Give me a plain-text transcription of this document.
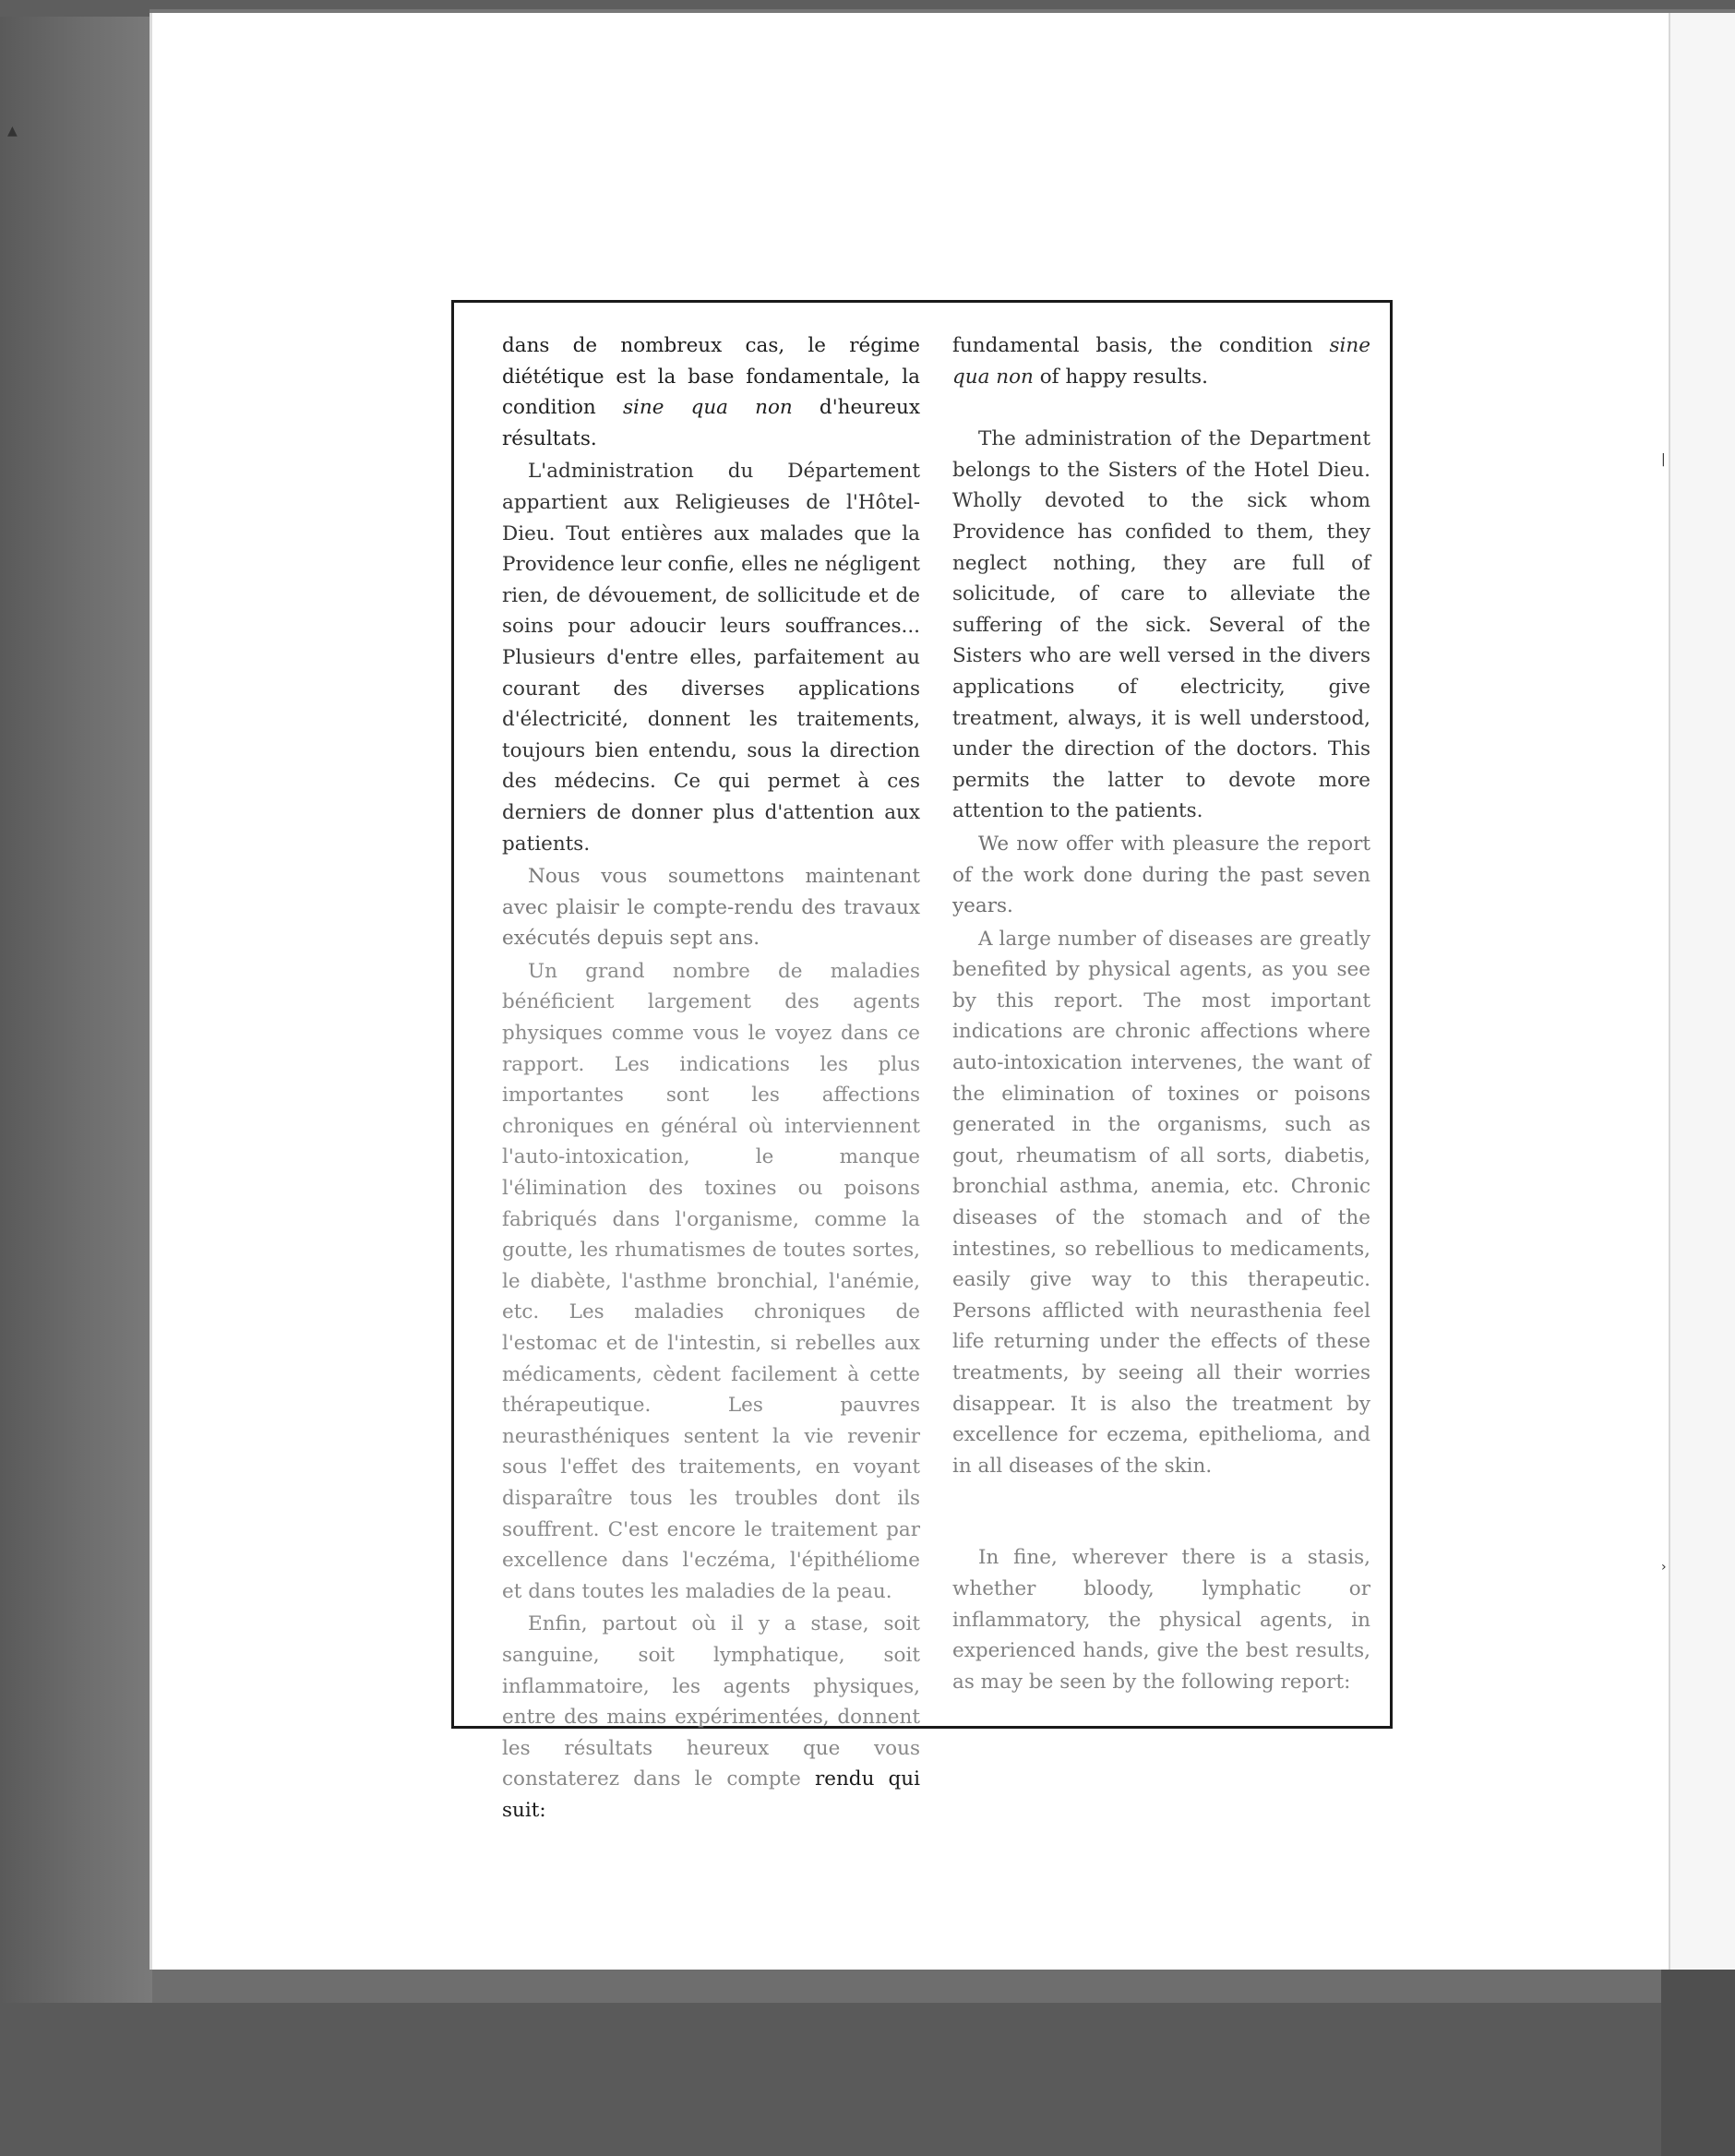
▲
|
›

dans de nombreux cas, le régime diététique est la base fondamentale, la condition sine qua non d'heureux résultats.

L'administration du Département appartient aux Religieuses de l'Hôtel-Dieu. Tout entières aux malades que la Providence leur confie, elles ne négligent rien, de dévouement, de sollicitude et de soins pour adoucir leurs souffrances... Plusieurs d'entre elles, parfaitement au courant des diverses applications d'électricité, donnent les traitements, toujours bien entendu, sous la direction des médecins. Ce qui permet à ces derniers de donner plus d'attention aux patients.

Nous vous soumettons maintenant avec plaisir le compte-rendu des travaux exécutés depuis sept ans.

Un grand nombre de maladies bénéficient largement des agents physiques comme vous le voyez dans ce rapport. Les indications les plus importantes sont les affections chroniques en général où interviennent l'auto-intoxication, le manque l'élimination des toxines ou poisons fabriqués dans l'organisme, comme la goutte, les rhumatismes de toutes sortes, le diabète, l'asthme bronchial, l'anémie, etc. Les maladies chroniques de l'estomac et de l'intestin, si rebelles aux médicaments, cèdent facilement à cette thérapeutique. Les pauvres neurasthéniques sentent la vie revenir sous l'effet des traitements, en voyant disparaître tous les troubles dont ils souffrent. C'est encore le traitement par excellence dans l'eczéma, l'épithéliome et dans toutes les maladies de la peau.

Enfin, partout où il y a stase, soit sanguine, soit lymphatique, soit inflammatoire, les agents physiques, entre des mains expérimentées, donnent les résultats heureux que vous constaterez dans le compte rendu qui suit:

fundamental basis, the condition sine qua non of happy results.

The administration of the Department belongs to the Sisters of the Hotel Dieu. Wholly devoted to the sick whom Providence has confided to them, they neglect nothing, they are full of solicitude, of care to alleviate the suffering of the sick. Several of the Sisters who are well versed in the divers applications of electricity, give treatment, always, it is well understood, under the direction of the doctors. This permits the latter to devote more attention to the patients.

We now offer with pleasure the report of the work done during the past seven years.

A large number of diseases are greatly benefited by physical agents, as you see by this report. The most important indications are chronic affections where auto-intoxication intervenes, the want of the elimination of toxines or poisons generated in the organisms, such as gout, rheumatism of all sorts, diabetis, bronchial asthma, anemia, etc. Chronic diseases of the stomach and of the intestines, so rebellious to medicaments, easily give way to this therapeutic. Persons afflicted with neurasthenia feel life returning under the effects of these treatments, by seeing all their worries disappear. It is also the treatment by excellence for eczema, epithelioma, and in all diseases of the skin.

In fine, wherever there is a stasis, whether bloody, lymphatic or inflammatory, the physical agents, in experienced hands, give the best results, as may be seen by the following report:
